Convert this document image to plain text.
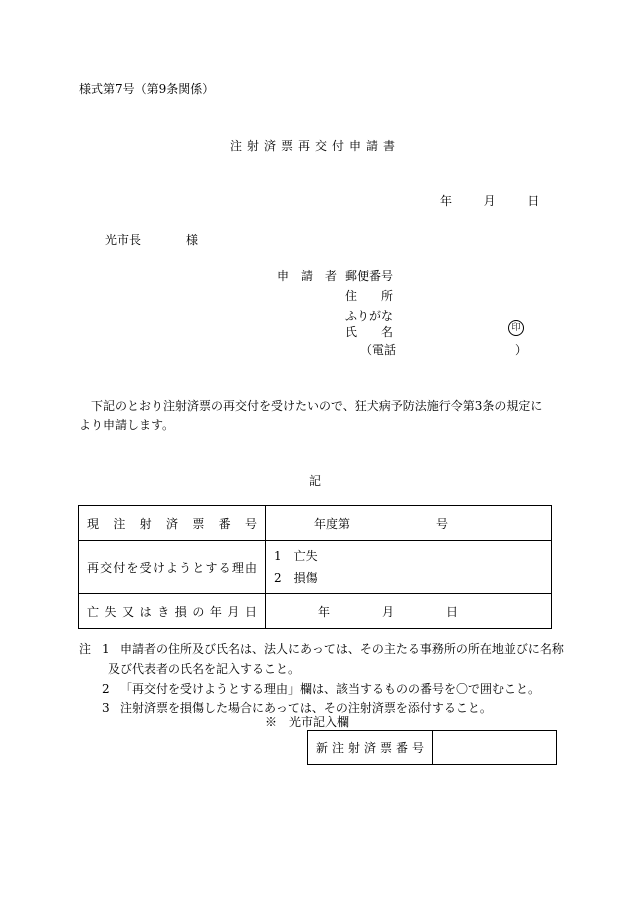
様式第7号（第9条関係）
注射済票再交付申請書
年	月	日
光市長	様
申請者
郵便番号
住所
ふりがな
氏名	印
（電話	）
下記のとおり注射済票の再交付を受けたいので、狂犬病予防法施行令第3条の規定により申請します。
記
現注射済票番号	年度第 号
再交付を受けようとする理由	1　亡失
2　損傷

亡失又はき損の年月日	年 月 日
注 1 申請者の住所及び氏名は、法人にあっては、その主たる事務所の所在地並びに名称
及び代表者の氏名を記入すること。
2 「再交付を受けようとする理由」欄は、該当するものの番号を〇で囲むこと。
3 注射済票を損傷した場合にあっては、その注射済票を添付すること。
※　光市記入欄
新注射済票番号	
